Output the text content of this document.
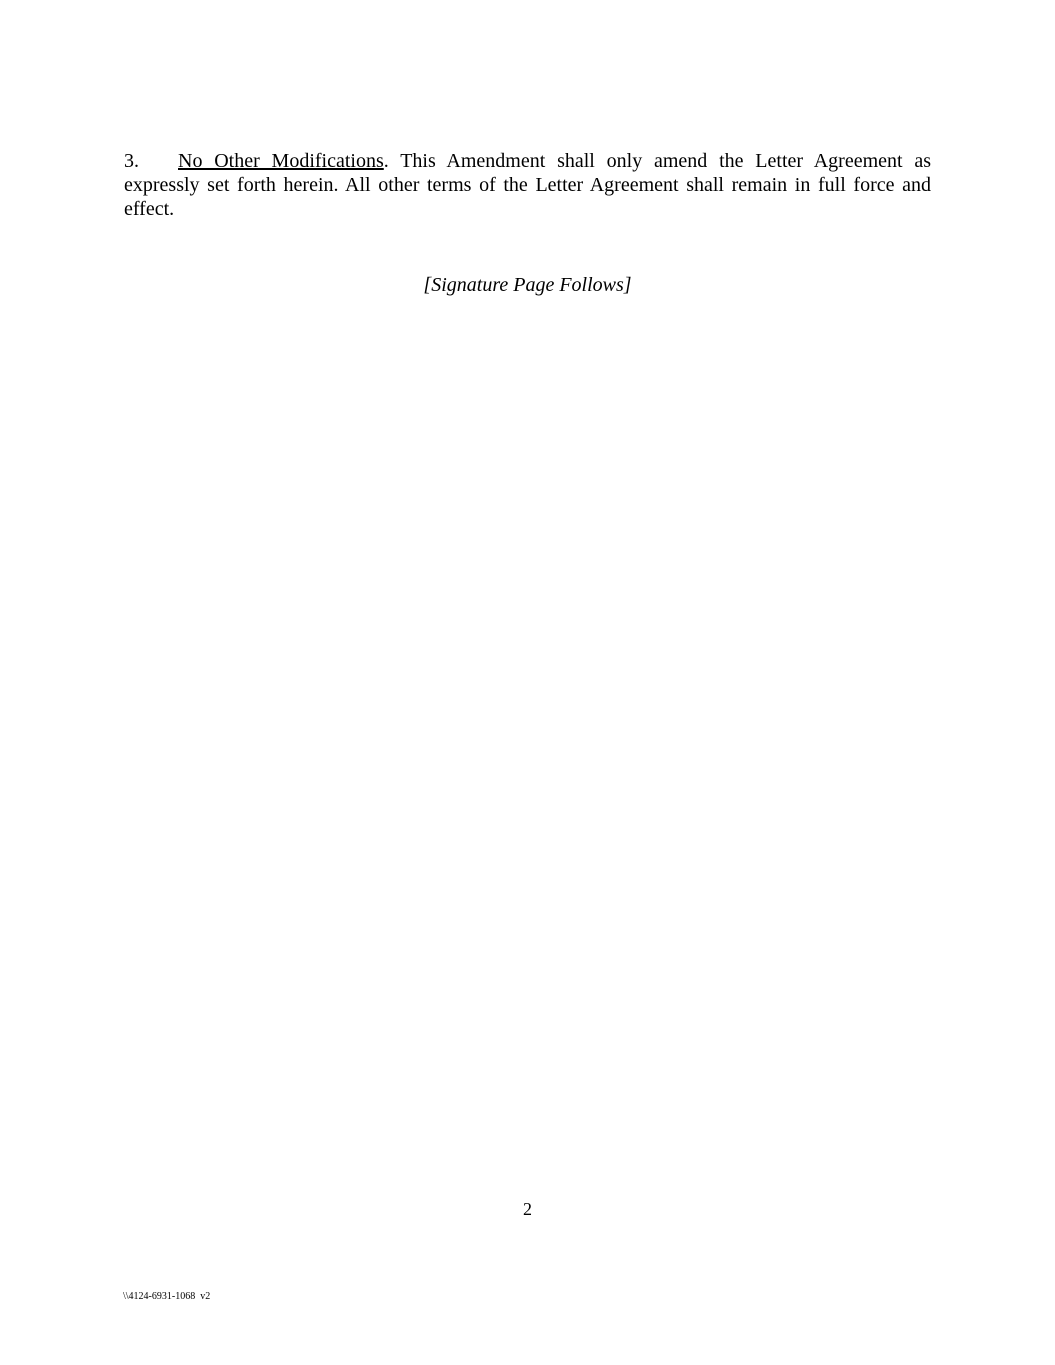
3. No Other Modifications. This Amendment shall only amend the Letter Agreement as expressly set forth herein. All other terms of the Letter Agreement shall remain in full force and effect.

[Signature Page Follows]
2
\\4124-6931-1068  v2
